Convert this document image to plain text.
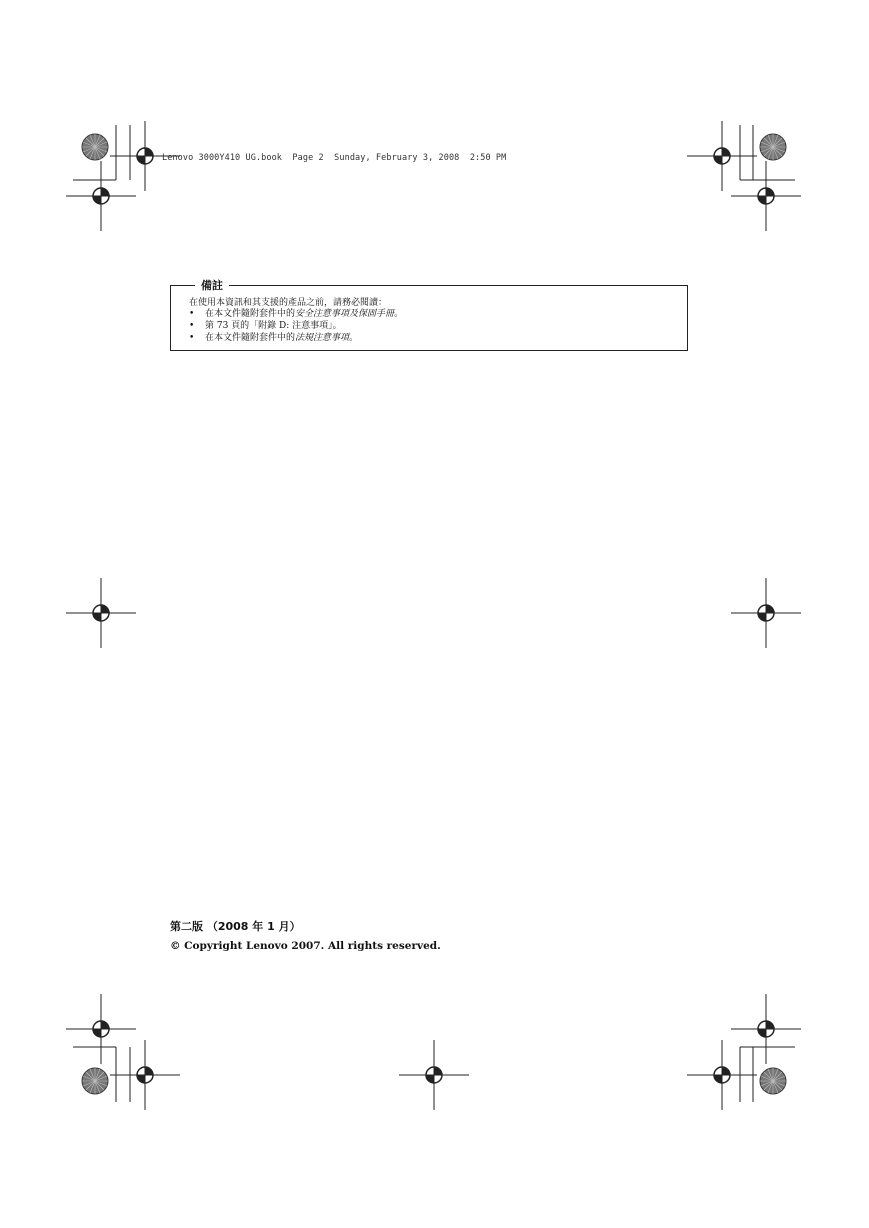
Lenovo 3000Y410 UG.book  Page 2  Sunday, February 3, 2008  2:50 PM
備註
在使用本資訊和其支援的產品之前，請務必閱讀：
•	在本文件隨附套件中的 安全注意事項及保固手冊 。
•	第 73 頁的「附錄 D: 注意事項」。
•	在本文件隨附套件中的 法規注意事項 。
第二版 （2008 年 1 月）
© Copyright Lenovo 2007. All rights reserved.
